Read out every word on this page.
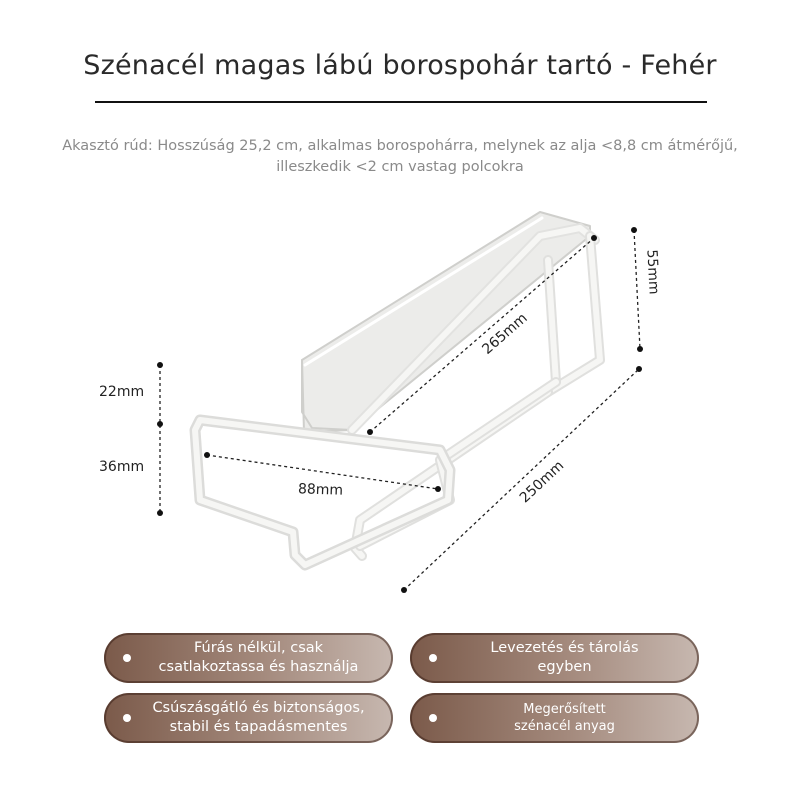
Szénacél magas lábú borospohár tartó - Fehér
Akasztó rúd: Hosszúság 25,2 cm, alkalmas borospohárra, melynek az alja <8,8 cm átmérőjű,
illeszkedik <2 cm vastag polcokra
22mm
36mm
88mm
265mm
55mm
250mm
Fúrás nélkül, csak
csatlakoztassa és használja
Levezetés és tárolás
egyben
Csúszásgátló és biztonságos,
stabil és tapadásmentes
Megerősített
szénacél anyag
